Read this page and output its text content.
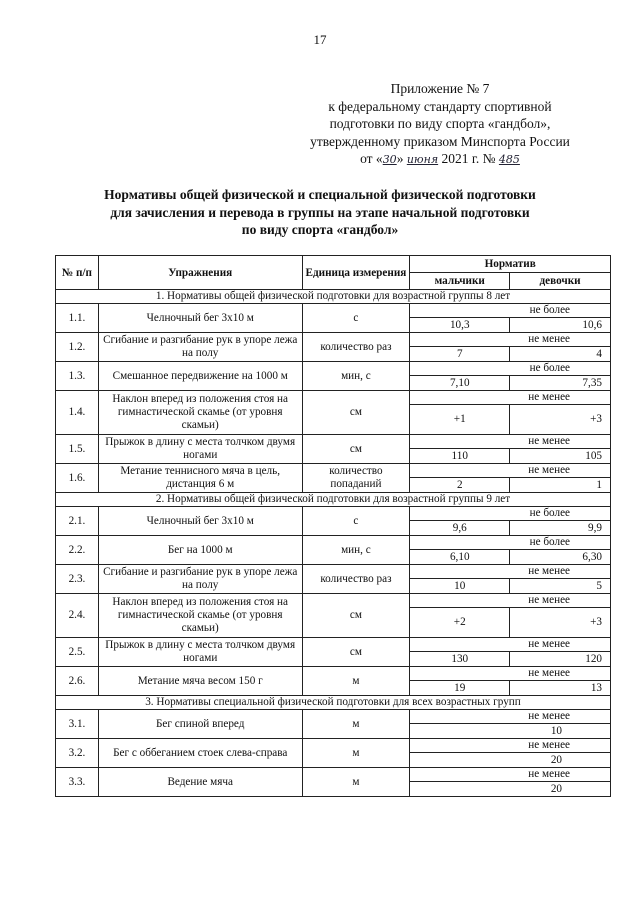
17
Приложение № 7
к федеральному стандарту спортивной
подготовки по виду спорта «гандбол»,
утвержденному приказом Минспорта России
от «30» июня 2021 г. № 485
Нормативы общей физической и специальной физической подготовки
для зачисления и перевода в группы на этапе начальной подготовки
по виду спорта «гандбол»
№ п/п	Упражнения	Единица измерения	Норматив	
			мальчики	девочки
1. Нормативы общей физической подготовки для возрастной группы 8 лет				
1.1.	Челночный бег 3х10 м	с	не более	
			10,3	10,6
1.2.	Сгибание и разгибание рук в упоре лежа на полу	количество раз	не менее	
			7	4
1.3.	Смешанное передвижение на 1000 м	мин, с	не более	
			7,10	7,35
1.4.	Наклон вперед из положения стоя на гимнастической скамье (от уровня скамьи)	см	не менее	
			+1	+3
1.5.	Прыжок в длину с места толчком двумя ногами	см	не менее	
			110	105
1.6.	Метание теннисного мяча в цель, дистанция 6 м	количество попаданий	не менее	
			2	1
2. Нормативы общей физической подготовки для возрастной группы 9 лет				
2.1.	Челночный бег 3х10 м	с	не более	
			9,6	9,9
2.2.	Бег на 1000 м	мин, с	не более	
			6,10	6,30
2.3.	Сгибание и разгибание рук в упоре лежа на полу	количество раз	не менее	
			10	5
2.4.	Наклон вперед из положения стоя на гимнастической скамье (от уровня скамьи)	см	не менее	
			+2	+3
2.5.	Прыжок в длину с места толчком двумя ногами	см	не менее	
			130	120
2.6.	Метание мяча весом 150 г	м	не менее	
			19	13
3. Нормативы специальной физической подготовки для всех возрастных групп				
3.1.	Бег спиной вперед	м	не менее	
			10	
3.2.	Бег с оббеганием стоек слева-справа	м	не менее	
			20	
3.3.	Ведение мяча	м	не менее	
			20	
